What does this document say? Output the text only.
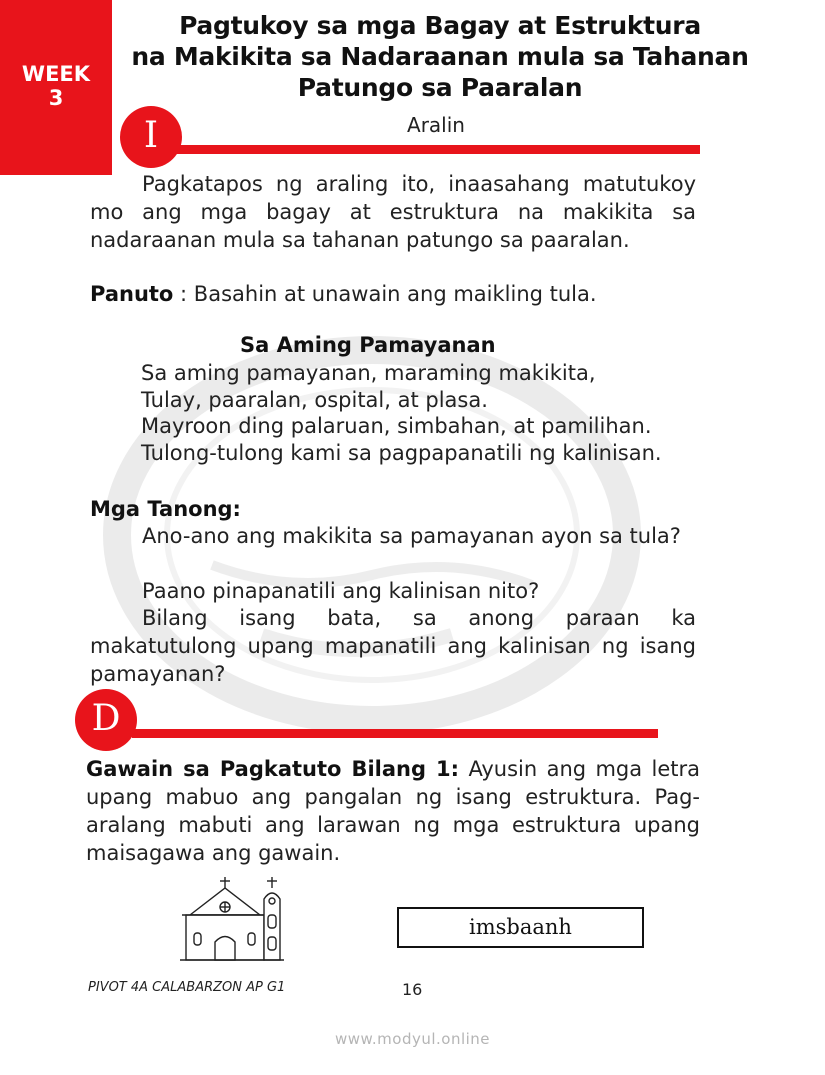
WEEK
3
Pagtukoy sa mga Bagay at Estruktura
na Makikita sa Nadaraanan mula sa Tahanan
Patungo sa Paaralan
I	Aralin
Pagkatapos ng araling ito, inaasahang matutukoy mo ang mga bagay at estruktura na makikita sa nadaraanan mula sa tahanan patungo sa paaralan.
Panuto : Basahin at unawain ang maikling tula.
Sa Aming Pamayanan
Sa aming pamayanan, maraming makikita,
Tulay, paaralan, ospital, at plasa.
Mayroon ding palaruan, simbahan, at pamilihan.
Tulong-tulong kami sa pagpapanatili ng kalinisan.
Mga Tanong:
Ano-ano ang makikita sa pamayanan ayon sa tula?
Paano pinapanatili ang kalinisan nito?
Bilang isang bata, sa anong paraan ka makatutulong upang mapanatili ang kalinisan ng isang pamayanan?
D
Gawain sa Pagkatuto Bilang 1: Ayusin ang mga letra upang mabuo ang pangalan ng isang estruktura. Pag-aralang mabuti ang larawan ng mga estruktura upang maisagawa ang gawain.
imsbaanh
PIVOT 4A CALABARZON AP G1	16
www.modyul.online
